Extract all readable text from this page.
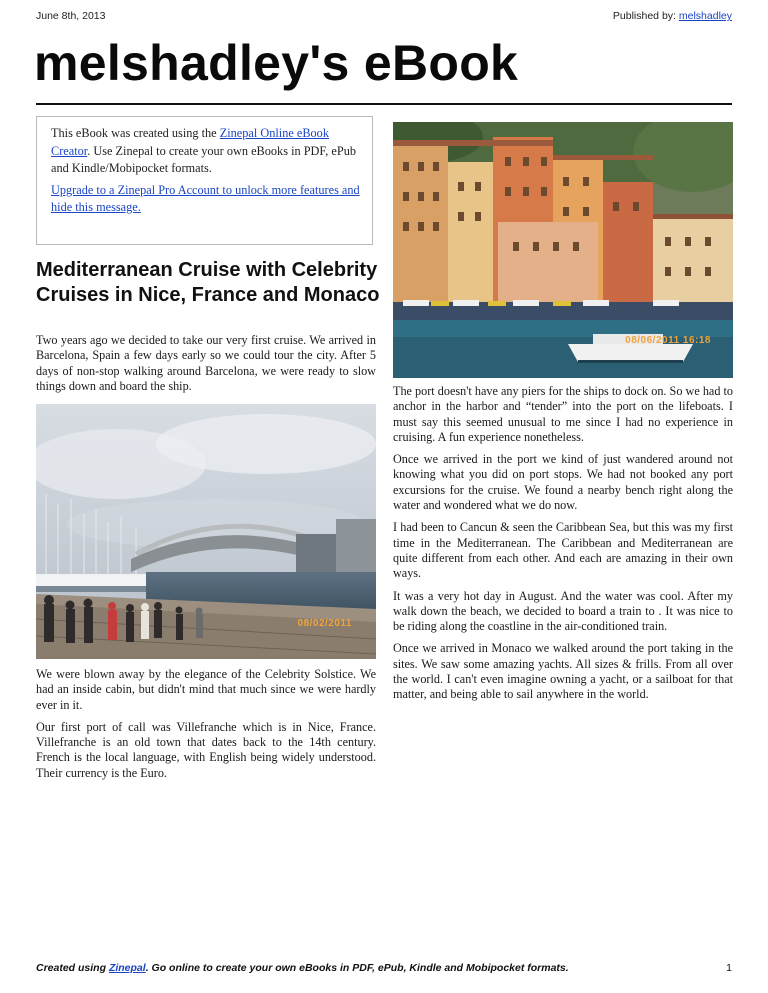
June 8th, 2013	Published by: melshadley
melshadley's eBook

This eBook was created using the Zinepal Online eBook Creator. Use Zinepal to create your own eBooks in PDF, ePub and Kindle/Mobipocket formats.

Upgrade to a Zinepal Pro Account to unlock more features and hide this message.

Mediterranean Cruise with Celebrity Cruises in Nice, France and Monaco

Two years ago we decided to take our very first cruise. We arrived in Barcelona, Spain a few days early so we could tour the city. After 5 days of non-stop walking around Barcelona, we were ready to slow things down and board the ship.

08/02/2011

We were blown away by the elegance of the Celebrity Solstice. We had an inside cabin, but didn't mind that much since we were hardly ever in it.

Our first port of call was Villefranche which is in Nice, France. Villefranche is an old town that dates back to the 14th century. French is the local language, with English being widely understood. Their currency is the Euro.

08/06/2011 16:18

The port doesn't have any piers for the ships to dock on. So we had to anchor in the harbor and “tender” into the port on the lifeboats. I must say this seemed unusual to me since I had no experience in cruising. A fun experience nonetheless.

Once we arrived in the port we kind of just wandered around not knowing what you did on port stops. We had not booked any port excursions for the cruise. We found a nearby bench right along the water and wondered what we do now.

I had been to Cancun & seen the Caribbean Sea, but this was my first time in the Mediterranean. The Caribbean and Mediterranean are quite different from each other. And each are amazing in their own ways.

It was a very hot day in August. And the water was cool. After my walk down the beach, we decided to board a train to . It was nice to be riding along the coastline in the air-conditioned train.

Once we arrived in Monaco we walked around the port taking in the sites. We saw some amazing yachts. All sizes & frills. From all over the world. I can't even imagine owning a yacht, or a sailboat for that matter, and being able to sail anywhere in the world.

Created using Zinepal. Go online to create your own eBooks in PDF, ePub, Kindle and Mobipocket formats.	1
